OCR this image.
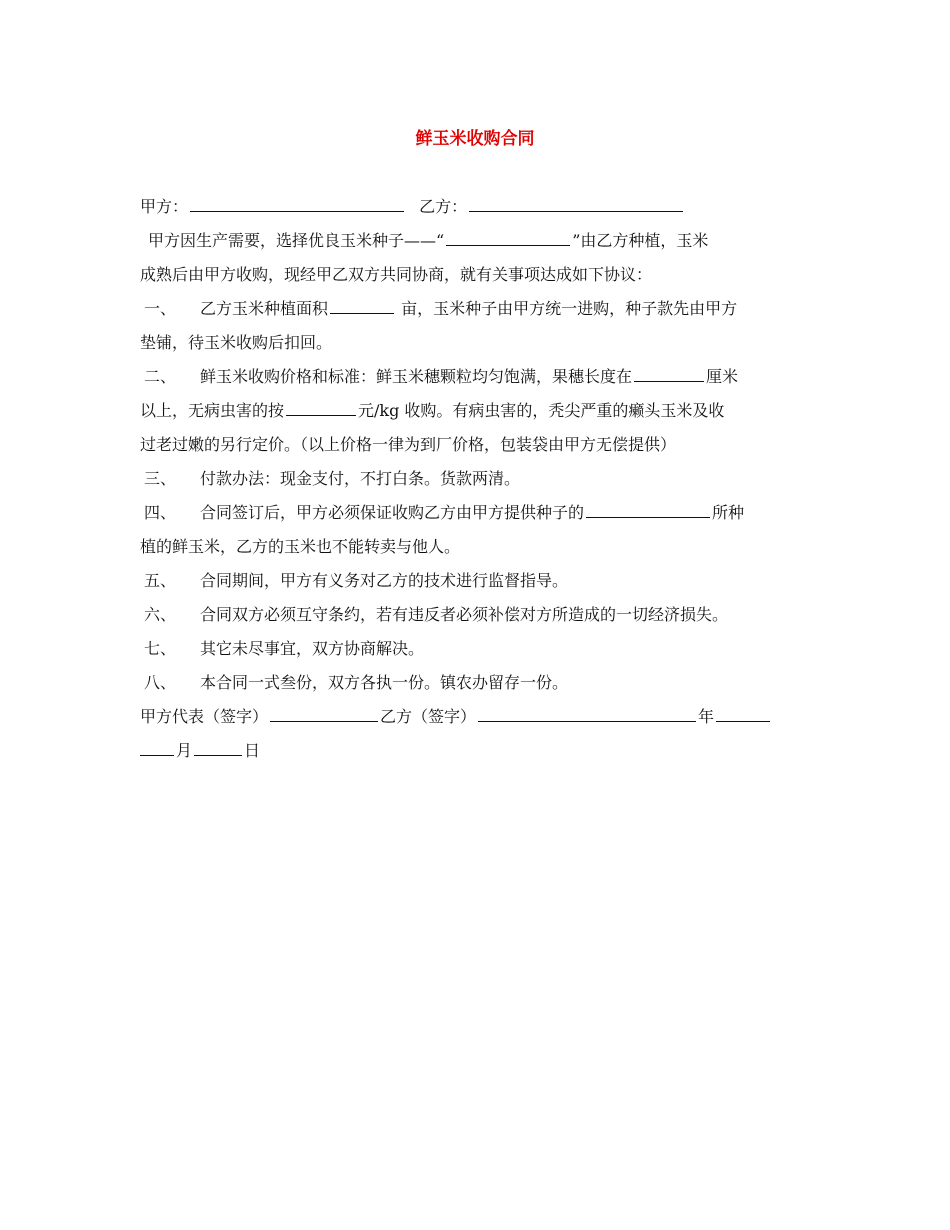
鲜玉米收购合同
甲方：	乙方：
甲方因生产需要，选择优良玉米种子——“	”由乙方种植，玉米
成熟后由甲方收购，现经甲乙双方共同协商，就有关事项达成如下协议：
一、 乙方玉米种植面积	亩，玉米种子由甲方统一进购，种子款先由甲方
垫铺，待玉米收购后扣回。
二、 鲜玉米收购价格和标准：鲜玉米穗颗粒均匀饱满，果穗长度在	厘米
以上，无病虫害的按	元/kg 收购。有病虫害的，秃尖严重的癞头玉米及收
过老过嫩的另行定价。（以上价格一律为到厂价格，包装袋由甲方无偿提供）
三、 付款办法：现金支付，不打白条。货款两清。
四、 合同签订后，甲方必须保证收购乙方由甲方提供种子的	所种
植的鲜玉米，乙方的玉米也不能转卖与他人。
五、 合同期间，甲方有义务对乙方的技术进行监督指导。
六、 合同双方必须互守条约，若有违反者必须补偿对方所造成的一切经济损失。
七、 其它未尽事宜，双方协商解决。
八、 本合同一式叁份，双方各执一份。镇农办留存一份。
甲方代表（签字）	乙方（签字）	年
月	日
